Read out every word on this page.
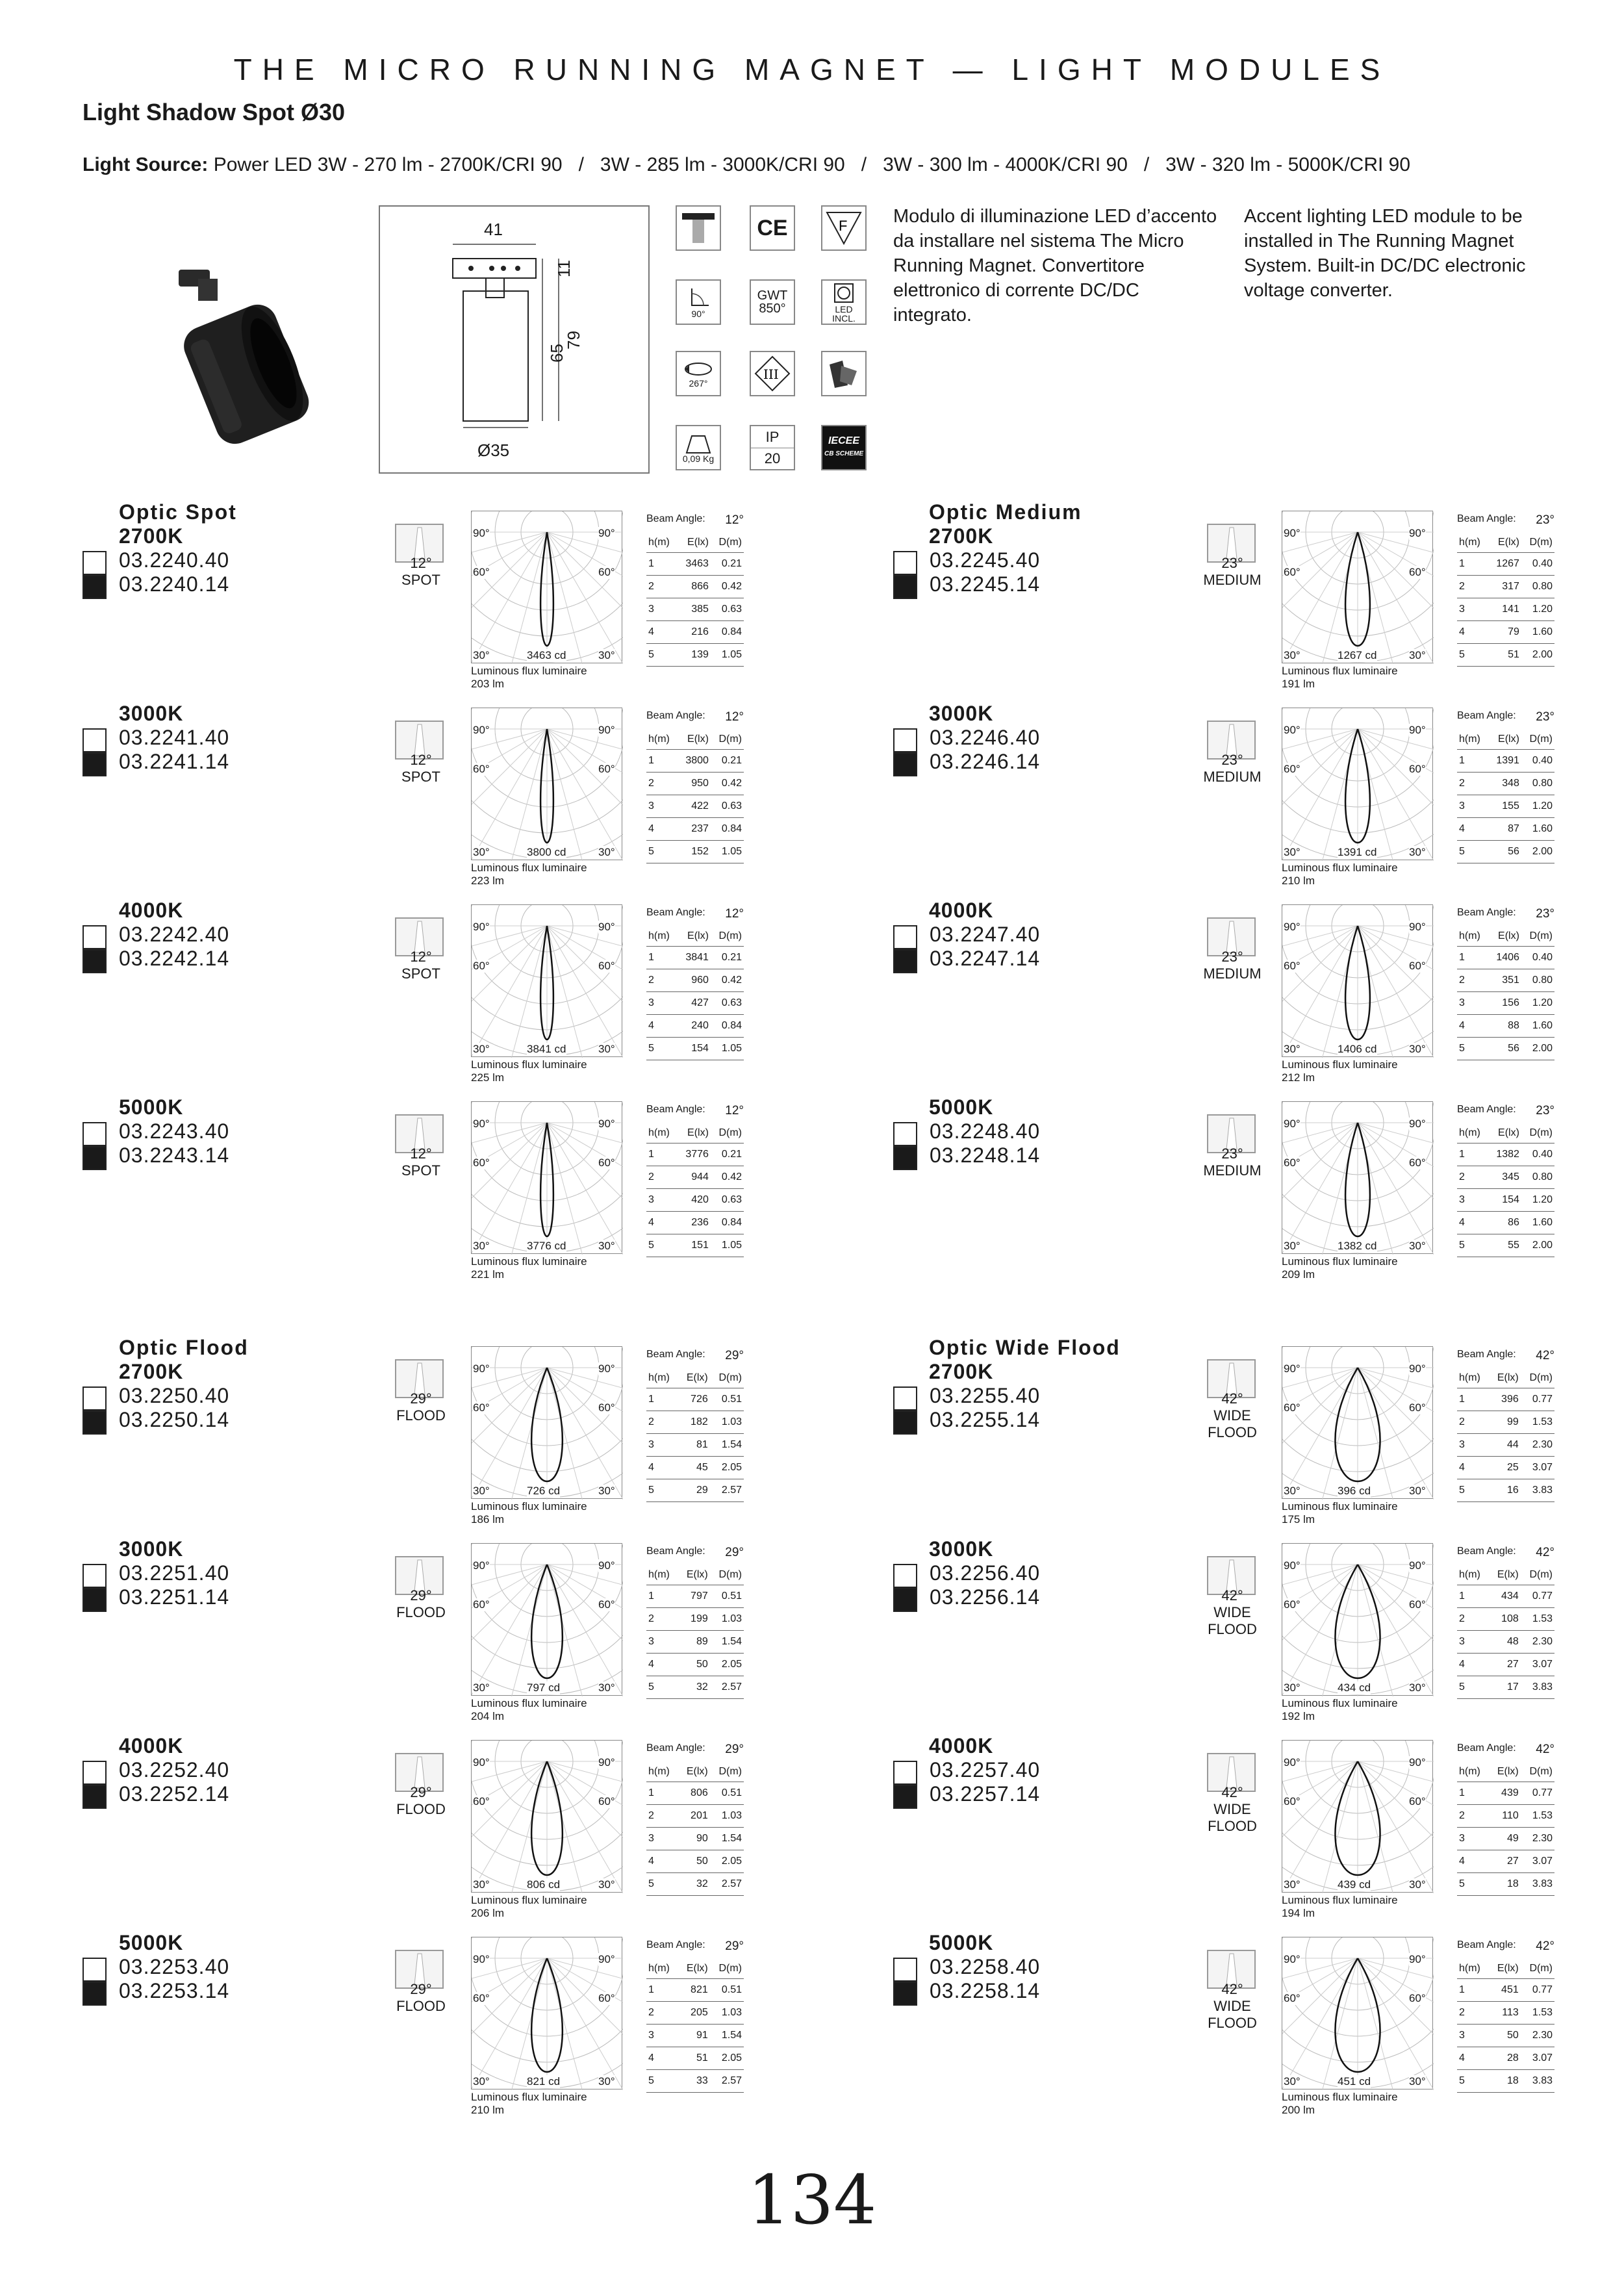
THE MICRO RUNNING MAGNET — LIGHT MODULES
Light Shadow Spot Ø30
Light Source: Power LED 3W - 270 lm - 2700K/CRI 90   /   3W - 285 lm - 3000K/CRI 90   /   3W - 300 lm - 4000K/CRI 90   /   3W - 320 lm - 5000K/CRI 90
41
11
65
79
Ø35
CE	F
90°
GWT
850°	LED INCL.
267°
III
0,09 Kg
IP
20
IECEE
CB SCHEME
Modulo di illuminazione LED d’accento da installare nel sistema The Micro Running Magnet. Convertitore elettronico di corrente DC/DC integrato.
Accent lighting LED module to be installed in The Running Magnet System. Built-in DC/DC electronic voltage converter.
Optic Spot
2700K
03.2240.40
03.2240.14
12°
SPOT
90°	90°
60°	60°
30°	30°
3463 cd
Luminous flux luminaire
203 lm
Beam Angle: 12°
h(m)	E(lx)	D(m)
1	3463	0.21
2	866	0.42
3	385	0.63
4	216	0.84
5	139	1.05
3000K
03.2241.40
03.2241.14	12°
SPOT
90°	90°
60°	60°
30°	30°
3800 cd
Luminous flux luminaire
223 lm
Beam Angle: 12°
h(m)	E(lx)	D(m)
1	3800	0.21
2	950	0.42
3	422	0.63
4	237	0.84
5	152	1.05
4000K
03.2242.40
03.2242.14	12°
SPOT
90°	90°
60°	60°
30°	30°
3841 cd
Luminous flux luminaire
225 lm
Beam Angle: 12°
h(m)	E(lx)	D(m)
1	3841	0.21
2	960	0.42
3	427	0.63
4	240	0.84
5	154	1.05
5000K
03.2243.40
03.2243.14	12°
SPOT
90°	90°
60°	60°
30°	30°
3776 cd
Luminous flux luminaire
221 lm
Beam Angle: 12°
h(m)	E(lx)	D(m)
1	3776	0.21
2	944	0.42
3	420	0.63
4	236	0.84
5	151	1.05
Optic Medium
2700K
03.2245.40
03.2245.14
23°
MEDIUM
90°	90°
60°	60°
30°	30°
1267 cd
Luminous flux luminaire
191 lm
Beam Angle: 23°
h(m)	E(lx)	D(m)
1	1267	0.40
2	317	0.80
3	141	1.20
4	79	1.60
5	51	2.00
3000K
03.2246.40
03.2246.14	23°
MEDIUM
90°	90°
60°	60°
30°	30°
1391 cd
Luminous flux luminaire
210 lm
Beam Angle: 23°
h(m)	E(lx)	D(m)
1	1391	0.40
2	348	0.80
3	155	1.20
4	87	1.60
5	56	2.00
4000K
03.2247.40
03.2247.14	23°
MEDIUM
90°	90°
60°	60°
30°	30°
1406 cd
Luminous flux luminaire
212 lm
Beam Angle: 23°
h(m)	E(lx)	D(m)
1	1406	0.40
2	351	0.80
3	156	1.20
4	88	1.60
5	56	2.00
5000K
03.2248.40
03.2248.14	23°
MEDIUM
90°	90°
60°	60°
30°	30°
1382 cd
Luminous flux luminaire
209 lm
Beam Angle: 23°
h(m)	E(lx)	D(m)
1	1382	0.40
2	345	0.80
3	154	1.20
4	86	1.60
5	55	2.00
Optic Flood
2700K
03.2250.40
03.2250.14
29°
FLOOD
90°	90°
60°	60°
30°	30°
726 cd
Luminous flux luminaire
186 lm
Beam Angle: 29°
h(m)	E(lx)	D(m)
1	726	0.51
2	182	1.03
3	81	1.54
4	45	2.05
5	29	2.57
3000K
03.2251.40
03.2251.14	29°
FLOOD
90°	90°
60°	60°
30°	30°
797 cd
Luminous flux luminaire
204 lm
Beam Angle: 29°
h(m)	E(lx)	D(m)
1	797	0.51
2	199	1.03
3	89	1.54
4	50	2.05
5	32	2.57
4000K
03.2252.40
03.2252.14	29°
FLOOD
90°	90°
60°	60°
30°	30°
806 cd
Luminous flux luminaire
206 lm
Beam Angle: 29°
h(m)	E(lx)	D(m)
1	806	0.51
2	201	1.03
3	90	1.54
4	50	2.05
5	32	2.57
5000K
03.2253.40
03.2253.14	29°
FLOOD
90°	90°
60°	60°
30°	30°
821 cd
Luminous flux luminaire
210 lm
Beam Angle: 29°
h(m)	E(lx)	D(m)
1	821	0.51
2	205	1.03
3	91	1.54
4	51	2.05
5	33	2.57
Optic Wide Flood
2700K
03.2255.40
03.2255.14
42°
WIDE
FLOOD
90°	90°
60°	60°
30°	30°
396 cd
Luminous flux luminaire
175 lm
Beam Angle: 42°
h(m)	E(lx)	D(m)
1	396	0.77
2	99	1.53
3	44	2.30
4	25	3.07
5	16	3.83
3000K
03.2256.40
03.2256.14	42°
WIDE
FLOOD
90°	90°
60°	60°
30°	30°
434 cd
Luminous flux luminaire
192 lm
Beam Angle: 42°
h(m)	E(lx)	D(m)
1	434	0.77
2	108	1.53
3	48	2.30
4	27	3.07
5	17	3.83
4000K
03.2257.40
03.2257.14	42°
WIDE
FLOOD
90°	90°
60°	60°
30°	30°
439 cd
Luminous flux luminaire
194 lm
Beam Angle: 42°
h(m)	E(lx)	D(m)
1	439	0.77
2	110	1.53
3	49	2.30
4	27	3.07
5	18	3.83
5000K
03.2258.40
03.2258.14	42°
WIDE
FLOOD
90°	90°
60°	60°
30°	30°
451 cd
Luminous flux luminaire
200 lm
Beam Angle: 42°
h(m)	E(lx)	D(m)
1	451	0.77
2	113	1.53
3	50	2.30
4	28	3.07
5	18	3.83
134
